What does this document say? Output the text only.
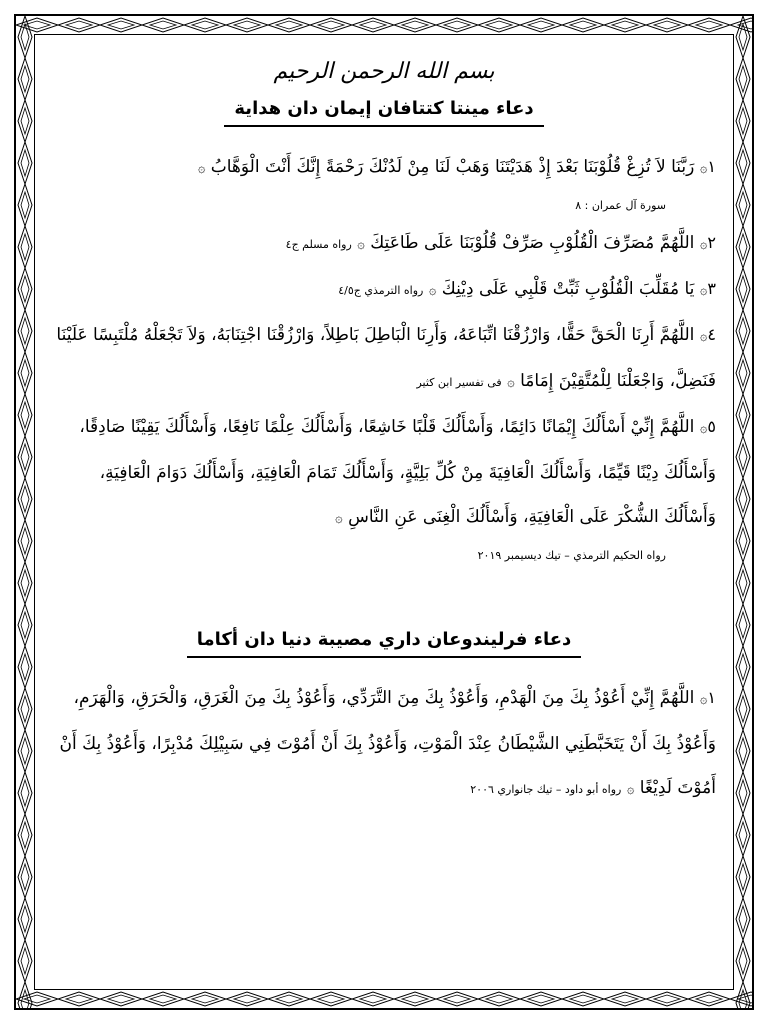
بسم الله الرحمن الرحيم
دعاء مينتا كتتافان إيمان دان هداية

١۞ رَبَّنَا لاَ تُزِغْ قُلُوْبَنَا بَعْدَ إِذْ هَدَيْتَنَا وَهَبْ لَنَا مِنْ لَدُنْكَ رَحْمَةً إِنَّكَ أَنْتَ الْوَهَّابُ ۞

سورة آل عمران : ٨

٢۞ اللَّهُمَّ مُصَرِّفَ الْقُلُوْبِ صَرِّفْ قُلُوْبَنَا عَلَى طَاعَتِكَ ۞ رواه مسلم ج٤

٣۞ يَا مُقَلِّبَ الْقُلُوْبِ ثَبِّتْ قَلْبِي عَلَى دِيْنِكَ ۞ رواه الترمذي ج٤/٥

٤۞ اللَّهُمَّ أَرِنَا الْحَقَّ حَقًّا، وَارْزُقْنَا اتِّبَاعَهُ، وَأَرِنَا الْبَاطِلَ بَاطِلاً، وَارْزُقْنَا اجْتِنَابَهُ، وَلاَ تَجْعَلْهُ مُلْتَبِسًا عَلَيْنَا فَنَضِلَّ، وَاجْعَلْنَا لِلْمُتَّقِيْنَ إِمَامًا ۞ فى تفسير ابن كثير

٥۞ اللَّهُمَّ إِنِّيْ أَسْأَلُكَ إِيْمَانًا دَائِمًا، وَأَسْأَلُكَ قَلْبًا خَاشِعًا، وَأَسْأَلُكَ عِلْمًا نَافِعًا، وَأَسْأَلُكَ يَقِيْنًا صَادِقًا، وَأَسْأَلُكَ دِيْنًا قَيِّمًا، وَأَسْأَلُكَ الْعَافِيَةَ مِنْ كُلِّ بَلِيَّةٍ، وَأَسْأَلُكَ تَمَامَ الْعَافِيَةِ، وَأَسْأَلُكَ دَوَامَ الْعَافِيَةِ، وَأَسْأَلُكَ الشُّكْرَ عَلَى الْعَافِيَةِ، وَأَسْأَلُكَ الْغِنَى عَنِ النَّاسِ ۞

رواه الحكيم الترمذي – تيك ديسيمبر ٢٠١٩
دعاء فرليندوعان داري مصيبة دنيا دان أكاما

١۞ اللَّهُمَّ إِنِّيْ أَعُوْذُ بِكَ مِنَ الْهَدْمِ، وَأَعُوْذُ بِكَ مِنَ التَّرَدِّي، وَأَعُوْذُ بِكَ مِنَ الْغَرَقِ، وَالْحَرَقِ، وَالْهَرَمِ، وَأَعُوْذُ بِكَ أَنْ يَتَخَبَّطَنِي الشَّيْطَانُ عِنْدَ الْمَوْتِ، وَأَعُوْذُ بِكَ أَنْ أَمُوْتَ فِي سَبِيْلِكَ مُدْبِرًا، وَأَعُوْذُ بِكَ أَنْ أَمُوْتَ لَدِيْغًا ۞ رواه أبو داود – تيك جانواري ٢٠٠٦
